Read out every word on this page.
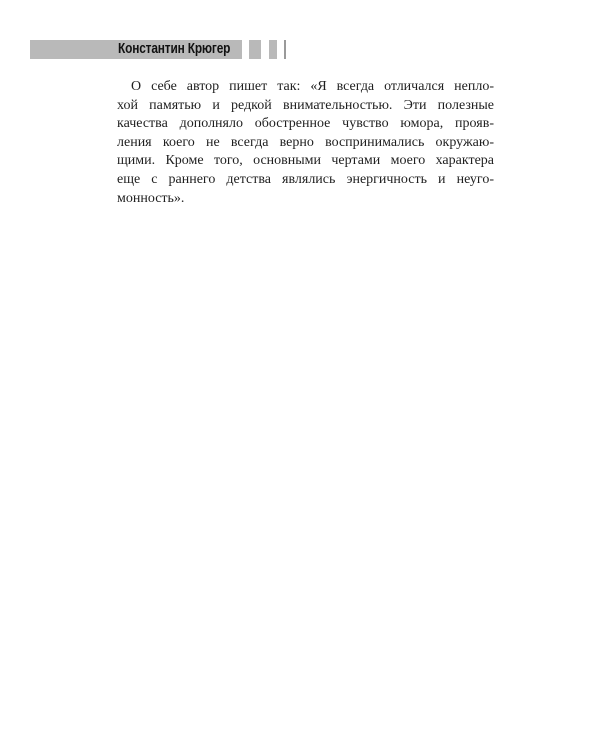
Константин Крюгер
О себе автор пишет так: «Я всегда отличался непло-
хой памятью и редкой внимательностью. Эти полезные
качества дополняло обостренное чувство юмора, прояв-
ления коего не всегда верно воспринимались окружаю-
щими. Кроме того, основными чертами моего характера
еще с раннего детства являлись энергичность и неуго-
монность».
